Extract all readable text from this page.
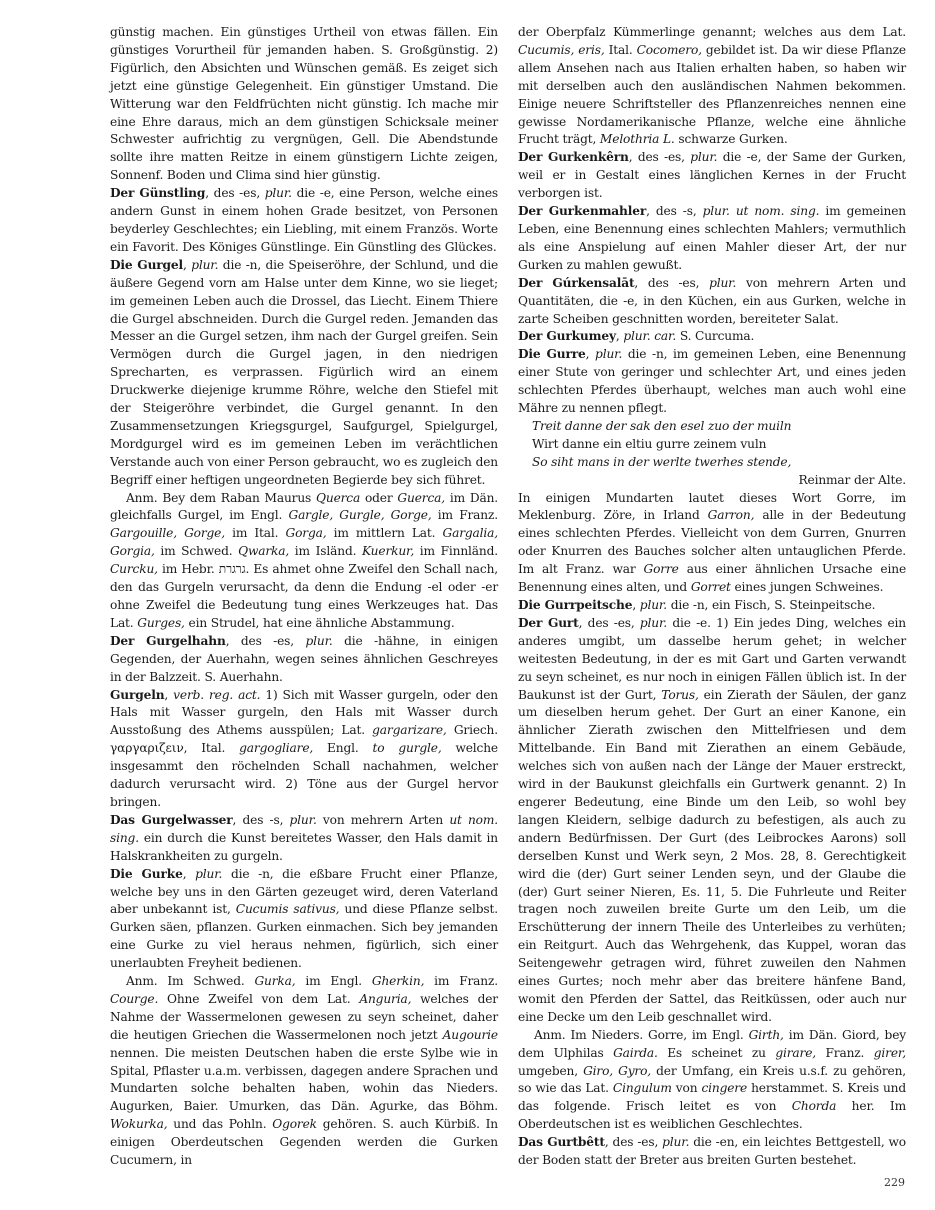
günstig machen. Ein günstiges Urtheil von etwas fällen. Ein günstiges Vorurtheil für jemanden haben. S. Großgünstig. 2) Figürlich, den Absichten und Wünschen gemäß. Es zeiget sich jetzt eine günstige Gelegenheit. Ein günstiger Umstand. Die Witterung war den Feldfrüchten nicht günstig. Ich mache mir eine Ehre daraus, mich an dem günstigen Schicksale meiner Schwester aufrichtig zu vergnügen, Gell. Die Abendstunde sollte ihre matten Reitze in einem günstigern Lichte zeigen, Sonnenf. Boden und Clima sind hier günstig.

Der Günstling, des -es, plur. die -e, eine Person, welche eines andern Gunst in einem hohen Grade besitzet, von Personen beyderley Geschlechtes; ein Liebling, mit einem Französ. Worte ein Favorit. Des Königes Günstlinge. Ein Günstling des Glückes.

Die Gurgel, plur. die -n, die Speiseröhre, der Schlund, und die äußere Gegend vorn am Halse unter dem Kinne, wo sie lieget; im gemeinen Leben auch die Drossel, das Liecht. Einem Thiere die Gurgel abschneiden. Durch die Gurgel reden. Jemanden das Messer an die Gurgel setzen, ihm nach der Gurgel greifen. Sein Vermögen durch die Gurgel jagen, in den niedrigen Sprecharten, es verprassen. Figürlich wird an einem Druckwerke diejenige krumme Röhre, welche den Stiefel mit der Steigeröhre verbindet, die Gurgel genannt. In den Zusammensetzungen Kriegsgurgel, Saufgurgel, Spielgurgel, Mordgurgel wird es im gemeinen Leben im verächtlichen Verstande auch von einer Person gebraucht, wo es zugleich den Begriff einer heftigen ungeordneten Begierde bey sich führet.

Anm. Bey dem Raban Maurus Querca oder Guerca, im Dän. gleichfalls Gurgel, im Engl. Gargle, Gurgle, Gorge, im Franz. Gargouille, Gorge, im Ital. Gorga, im mittlern Lat. Gargalia, Gorgia, im Schwed. Qwarka, im Isländ. Kuerkur, im Finnländ. Curcku, im Hebr. גרגרת. Es ahmet ohne Zweifel den Schall nach, den das Gurgeln verursacht, da denn die Endung -el oder -er ohne Zweifel die Bedeutung tung eines Werkzeuges hat. Das Lat. Gurges, ein Strudel, hat eine ähnliche Abstammung.

Der Gurgelhahn, des -es, plur. die -hähne, in einigen Gegenden, der Auerhahn, wegen seines ähnlichen Geschreyes in der Balzzeit. S. Auerhahn.

Gurgeln, verb. reg. act. 1) Sich mit Wasser gurgeln, oder den Hals mit Wasser gurgeln, den Hals mit Wasser durch Ausstoßung des Athems ausspülen; Lat. gargarizare, Griech. γαργαριζειν, Ital. gargogliare, Engl. to gurgle, welche insgesammt den röchelnden Schall nachahmen, welcher dadurch verursacht wird. 2) Töne aus der Gurgel hervor bringen.

Das Gurgelwasser, des -s, plur. von mehrern Arten ut nom. sing. ein durch die Kunst bereitetes Wasser, den Hals damit in Halskrankheiten zu gurgeln.

Die Gurke, plur. die -n, die eßbare Frucht einer Pflanze, welche bey uns in den Gärten gezeuget wird, deren Vaterland aber unbekannt ist, Cucumis sativus, und diese Pflanze selbst. Gurken säen, pflanzen. Gurken einmachen. Sich bey jemanden eine Gurke zu viel heraus nehmen, figürlich, sich einer unerlaubten Freyheit bedienen.

Anm. Im Schwed. Gurka, im Engl. Gherkin, im Franz. Courge. Ohne Zweifel von dem Lat. Anguria, welches der Nahme der Wassermelonen gewesen zu seyn scheinet, daher die heutigen Griechen die Wassermelonen noch jetzt Augourie nennen. Die meisten Deutschen haben die erste Sylbe wie in Spital, Pflaster u.a.m. verbissen, dagegen andere Sprachen und Mundarten solche behalten haben, wohin das Nieders. Augurken, Baier. Umurken, das Dän. Agurke, das Böhm. Wokurka, und das Pohln. Ogorek gehören. S. auch Kürbiß. In einigen Oberdeutschen Gegenden werden die Gurken Cucumern, in

der Oberpfalz Kümmerlinge genannt; welches aus dem Lat. Cucumis, eris, Ital. Cocomero, gebildet ist. Da wir diese Pflanze allem Ansehen nach aus Italien erhalten haben, so haben wir mit derselben auch den ausländischen Nahmen bekommen. Einige neuere Schriftsteller des Pflanzenreiches nennen eine gewisse Nordamerikanische Pflanze, welche eine ähnliche Frucht trägt, Melothria L. schwarze Gurken.

Der Gurkenkêrn, des -es, plur. die -e, der Same der Gurken, weil er in Gestalt eines länglichen Kernes in der Frucht verborgen ist.

Der Gurkenmahler, des -s, plur. ut nom. sing. im gemeinen Leben, eine Benennung eines schlechten Mahlers; vermuthlich als eine Anspielung auf einen Mahler dieser Art, der nur Gurken zu mahlen gewußt.

Der Gúrkensalāt, des -es, plur. von mehrern Arten und Quantitäten, die -e, in den Küchen, ein aus Gurken, welche in zarte Scheiben geschnitten worden, bereiteter Salat.

Der Gurkumey, plur. car. S. Curcuma.

Die Gurre, plur. die -n, im gemeinen Leben, eine Benennung einer Stute von geringer und schlechter Art, und eines jeden schlechten Pferdes überhaupt, welches man auch wohl eine Mähre zu nennen pflegt.

Treit danne der sak den esel zuo der muiln
Wirt danne ein eltiu gurre zeinem vuln
So siht mans in der werlte twerhes stende,
Reinmar der Alte.

In einigen Mundarten lautet dieses Wort Gorre, im Meklenburg. Zöre, in Irland Garron, alle in der Bedeutung eines schlechten Pferdes. Vielleicht von dem Gurren, Gnurren oder Knurren des Bauches solcher alten untauglichen Pferde. Im alt Franz. war Gorre aus einer ähnlichen Ursache eine Benennung eines alten, und Gorret eines jungen Schweines.

Die Gurrpeitsche, plur. die -n, ein Fisch, S. Steinpeitsche.

Der Gurt, des -es, plur. die -e. 1) Ein jedes Ding, welches ein anderes umgibt, um dasselbe herum gehet; in welcher weitesten Bedeutung, in der es mit Gart und Garten verwandt zu seyn scheinet, es nur noch in einigen Fällen üblich ist. In der Baukunst ist der Gurt, Torus, ein Zierath der Säulen, der ganz um dieselben herum gehet. Der Gurt an einer Kanone, ein ähnlicher Zierath zwischen den Mittelfriesen und dem Mittelbande. Ein Band mit Zierathen an einem Gebäude, welches sich von außen nach der Länge der Mauer erstreckt, wird in der Baukunst gleichfalls ein Gurtwerk genannt. 2) In engerer Bedeutung, eine Binde um den Leib, so wohl bey langen Kleidern, selbige dadurch zu befestigen, als auch zu andern Bedürfnissen. Der Gurt (des Leibrockes Aarons) soll derselben Kunst und Werk seyn, 2 Mos. 28, 8. Gerechtigkeit wird die (der) Gurt seiner Lenden seyn, und der Glaube die (der) Gurt seiner Nieren, Es. 11, 5. Die Fuhrleute und Reiter tragen noch zuweilen breite Gurte um den Leib, um die Erschütterung der innern Theile des Unterleibes zu verhüten; ein Reitgurt. Auch das Wehrgehenk, das Kuppel, woran das Seitengewehr getragen wird, führet zuweilen den Nahmen eines Gurtes; noch mehr aber das breitere hänfene Band, womit den Pferden der Sattel, das Reitküssen, oder auch nur eine Decke um den Leib geschnallet wird.

Anm. Im Nieders. Gorre, im Engl. Girth, im Dän. Giord, bey dem Ulphilas Gairda. Es scheinet zu girare, Franz. girer, umgeben, Giro, Gyro, der Umfang, ein Kreis u.s.f. zu gehören, so wie das Lat. Cingulum von cingere herstammet. S. Kreis und das folgende. Frisch leitet es von Chorda her. Im Oberdeutschen ist es weiblichen Geschlechtes.

Das Gurtbêtt, des -es, plur. die -en, ein leichtes Bettgestell, wo der Boden statt der Breter aus breiten Gurten bestehet.

229
